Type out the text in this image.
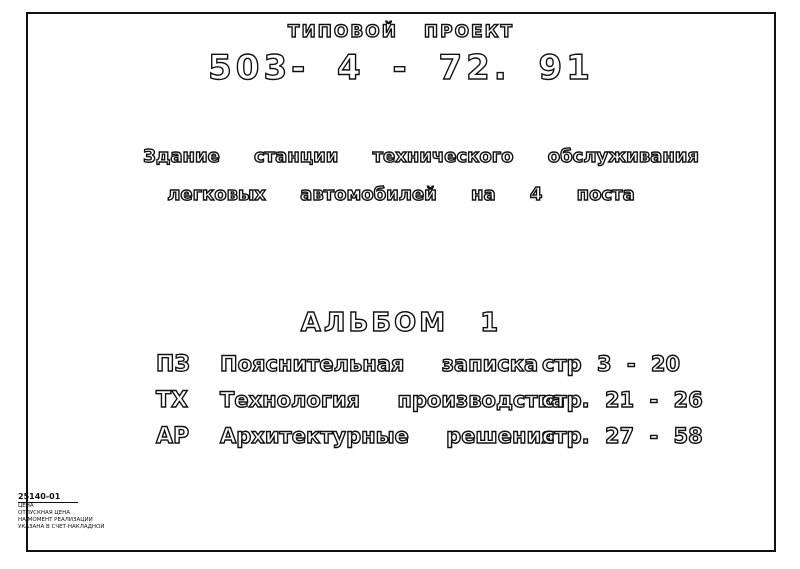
ТИПОВОЙ ПРОЕКТ
503- 4 - 72. 91
Здание станции технического обслуживания
легковых автомобилей на 4 поста
АЛЬБОМ 1
ПЗ Пояснительная записка стр 3 - 20
ТХ Технология производства
стр. 21 - 26
АР Архитектурные решения
стр. 27 - 58
25140-01
ЦЕНА
ОТПУСКНАЯ ЦЕНА
НА МОМЕНТ РЕАЛИЗАЦИИ
УКАЗАНА В СЧЕТ-НАКЛАДНОЙ
